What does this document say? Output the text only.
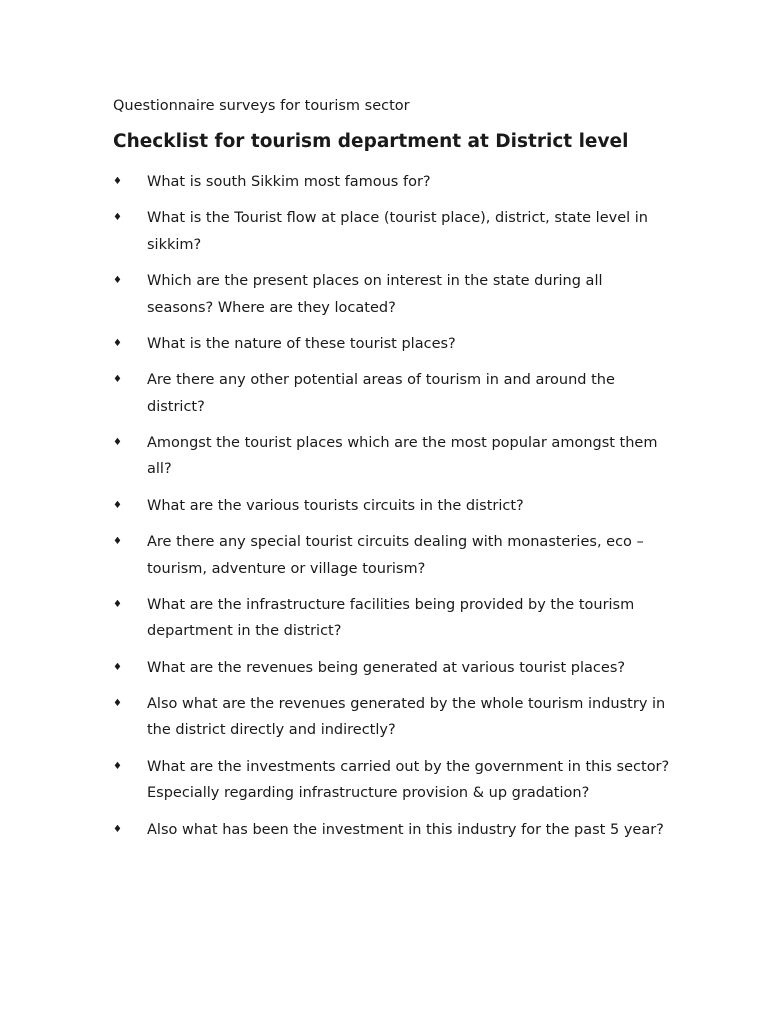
Questionnaire surveys for tourism sector
Checklist for tourism department at District level
♦ What is south Sikkim most famous for?
♦ What is the Tourist flow at place (tourist place), district, state level in sikkim?
♦ Which are the present places on interest in the state during all seasons? Where are they located?
♦ What is the nature of these tourist places?
♦ Are there any other potential areas of tourism in and around the district?
♦ Amongst the tourist places which are the most popular amongst them all?
♦ What are the various tourists circuits in the district?
♦ Are there any special tourist circuits dealing with monasteries, eco – tourism, adventure or village tourism?
♦ What are the infrastructure facilities being provided by the tourism department in the district?
♦ What are the revenues being generated at various tourist places?
♦ Also what are the revenues generated by the whole tourism industry in the district directly and indirectly?
♦ What are the investments carried out by the government in this sector? Especially regarding infrastructure provision & up gradation?
♦ Also what has been the investment in this industry for the past 5 year?
